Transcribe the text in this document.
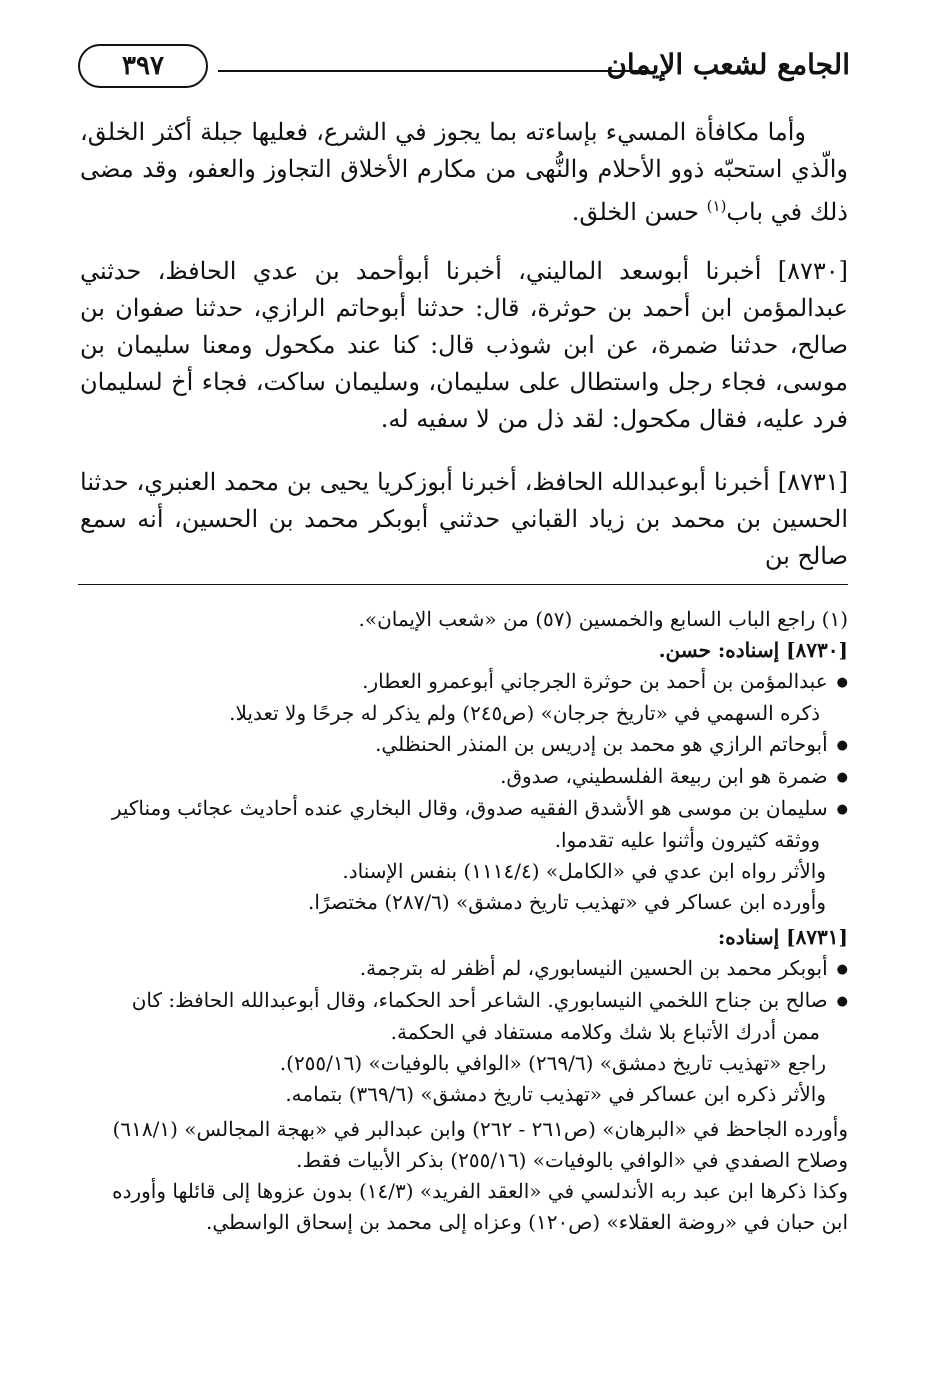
الجامع لشعب الإيمان
٣٩٧

وأما مكافأة المسيء بإساءته بما يجوز في الشرع، فعليها جبلة أكثر الخلق، والّذي استحبّه ذوو الأحلام والنُّهى من مكارم الأخلاق التجاوز والعفو، وقد مضى ذلك في باب$^{(١)}$ حسن الخلق.

[٨٧٣٠] أخبرنا أبوسعد الماليني، أخبرنا أبوأحمد بن عدي الحافظ، حدثني عبدالمؤمن ابن أحمد بن حوثرة، قال: حدثنا أبوحاتم الرازي، حدثنا صفوان بن صالح، حدثنا ضمرة، عن ابن شوذب قال: كنا عند مكحول ومعنا سليمان بن موسى، فجاء رجل واستطال على سليمان، وسليمان ساكت، فجاء أخ لسليمان فرد عليه، فقال مكحول: لقد ذل من لا سفيه له.

[٨٧٣١] أخبرنا أبوعبدالله الحافظ، أخبرنا أبوزكريا يحيى بن محمد العنبري، حدثنا الحسين بن محمد بن زياد القباني حدثني أبوبكر محمد بن الحسين، أنه سمع صالح بن

(١) راجع الباب السابع والخمسين (٥٧) من «شعب الإيمان».

[٨٧٣٠] إسناده: حسن.

● عبدالمؤمن بن أحمد بن حوثرة الجرجاني أبوعمرو العطار.

ذكره السهمي في «تاريخ جرجان» (ص٢٤٥) ولم يذكر له جرحًا ولا تعديلا.

● أبوحاتم الرازي هو محمد بن إدريس بن المنذر الحنظلي.

● ضمرة هو ابن ربيعة الفلسطيني، صدوق.

● سليمان بن موسى هو الأشدق الفقيه صدوق، وقال البخاري عنده أحاديث عجائب ومناكير

ووثقه كثيرون وأثنوا عليه تقدموا.

والأثر رواه ابن عدي في «الكامل» (١١١٤/٤) بنفس الإسناد.

وأورده ابن عساكر في «تهذيب تاريخ دمشق» (٢٨٧/٦) مختصرًا.

[٨٧٣١] إسناده:

● أبوبكر محمد بن الحسين النيسابوري، لم أظفر له بترجمة.

● صالح بن جناح اللخمي النيسابوري. الشاعر أحد الحكماء، وقال أبوعبدالله الحافظ: كان

ممن أدرك الأتباع بلا شك وكلامه مستفاد في الحكمة.

راجع «تهذيب تاريخ دمشق» (٢٦٩/٦) «الوافي بالوفيات» (٢٥٥/١٦).

والأثر ذكره ابن عساكر في «تهذيب تاريخ دمشق» (٣٦٩/٦) بتمامه.

وأورده الجاحظ في «البرهان» (ص٢٦١ - ٢٦٢) وابن عبدالبر في «بهجة المجالس» (٦١٨/١)

وصلاح الصفدي في «الوافي بالوفيات» (٢٥٥/١٦) بذكر الأبيات فقط.

وكذا ذكرها ابن عبد ربه الأندلسي في «العقد الفريد» (١٤/٣) بدون عزوها إلى قائلها وأورده

ابن حبان في «روضة العقلاء» (ص١٢٠) وعزاه إلى محمد بن إسحاق الواسطي.
